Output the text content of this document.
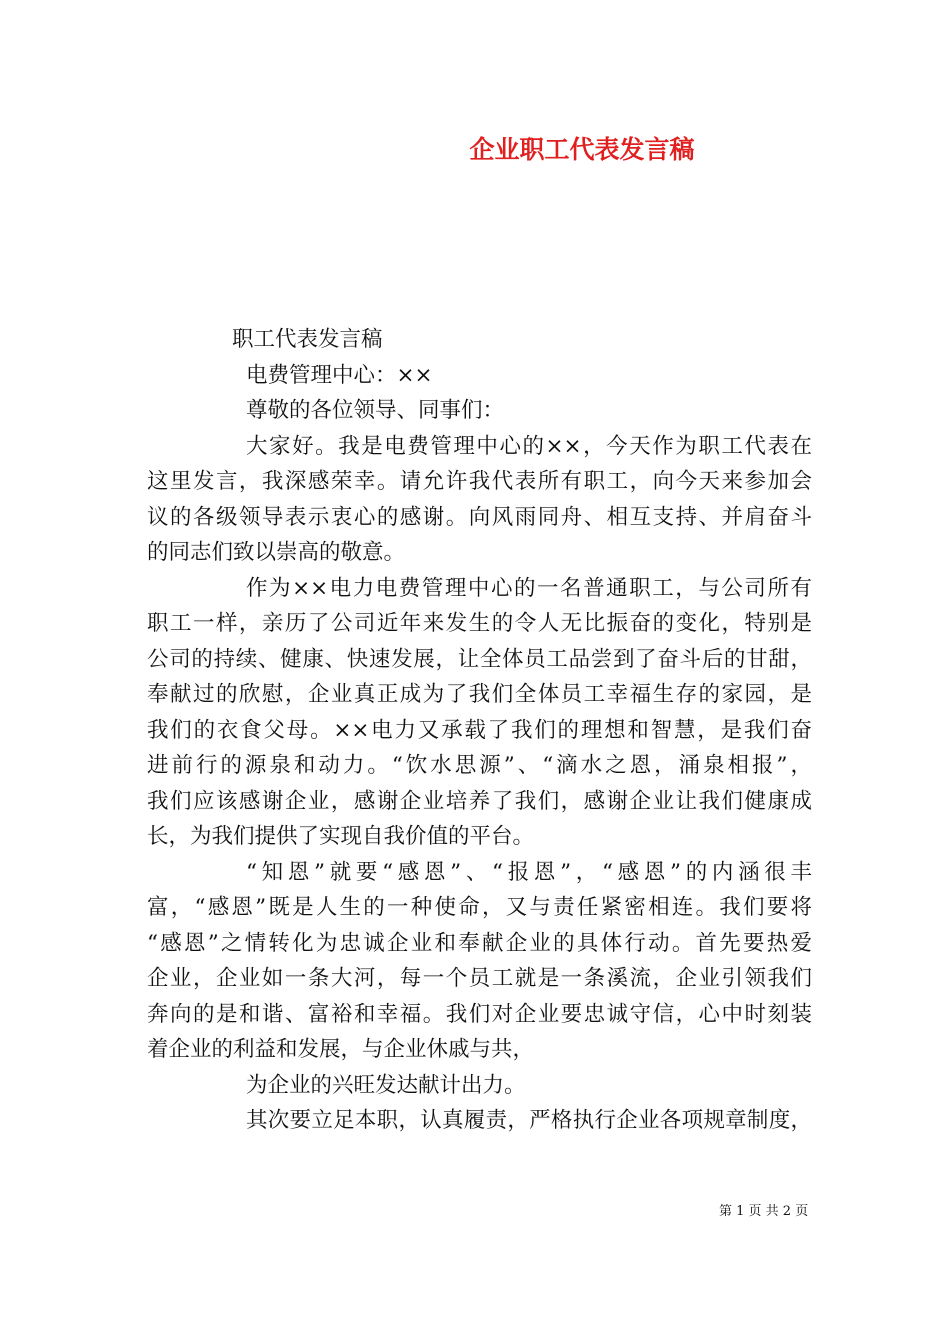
企业职工代表发言稿
职工代表发言稿
电费管理中心：××
尊敬的各位领导、同事们：
大家好。我是电费管理中心的××，今天作为职工代表在
这里发言，我深感荣幸。请允许我代表所有职工，向今天来参加会
议的各级领导表示衷心的感谢。向风雨同舟、相互支持、并肩奋斗
的同志们致以崇高的敬意。
作为××电力电费管理中心的一名普通职工，与公司所有
职工一样，亲历了公司近年来发生的令人无比振奋的变化，特别是
公司的持续、健康、快速发展，让全体员工品尝到了奋斗后的甘甜，
奉献过的欣慰，企业真正成为了我们全体员工幸福生存的家园，是
我们的衣食父母。××电力又承载了我们的理想和智慧，是我们奋
进前行的源泉和动力。“饮水思源”、“滴水之恩，涌泉相报”，
我们应该感谢企业，感谢企业培养了我们，感谢企业让我们健康成
长，为我们提供了实现自我价值的平台。
“知恩”就要“感恩”、“报恩”，“感恩”的内涵很丰
富，“感恩”既是人生的一种使命，又与责任紧密相连。我们要将
“感恩”之情转化为忠诚企业和奉献企业的具体行动。首先要热爱
企业，企业如一条大河，每一个员工就是一条溪流，企业引领我们
奔向的是和谐、富裕和幸福。我们对企业要忠诚守信，心中时刻装
着企业的利益和发展，与企业休戚与共，
为企业的兴旺发达献计出力。
其次要立足本职，认真履责，严格执行企业各项规章制度，
第 1 页 共 2 页
